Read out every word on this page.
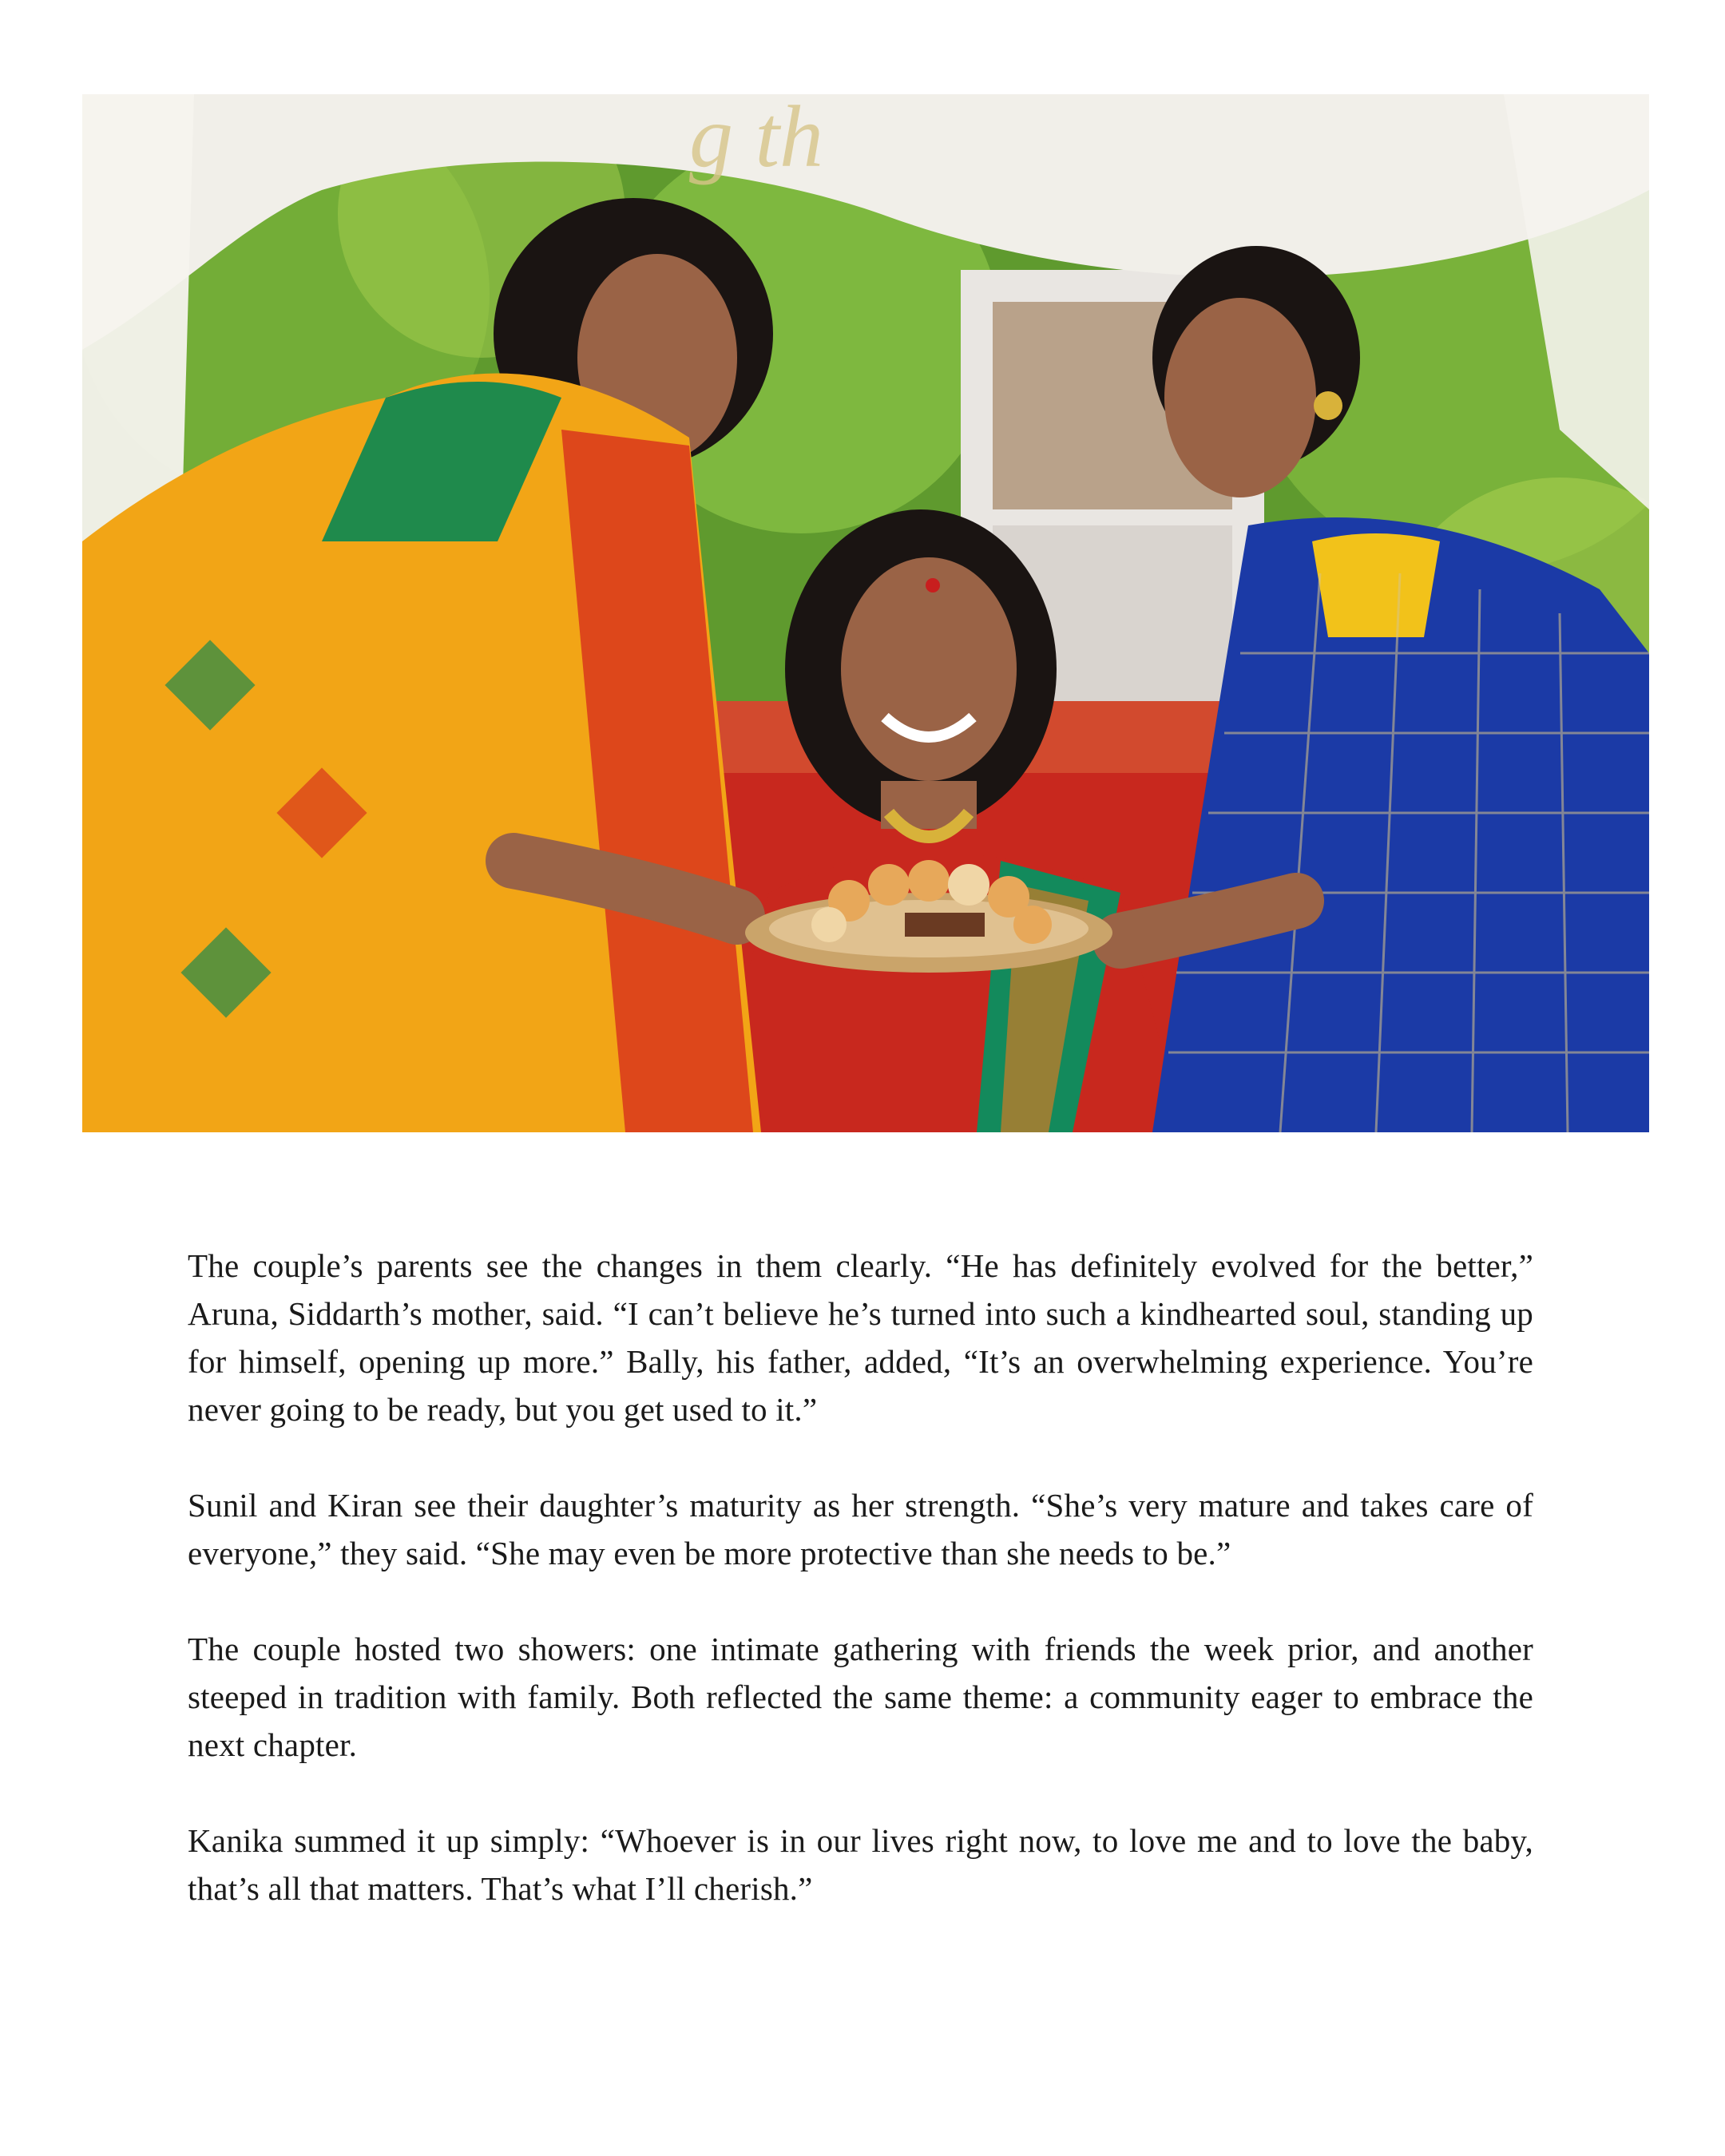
g th

The couple’s parents see the changes in them clearly. “He has definitely evolved for the better,” Aruna, Siddarth’s mother, said. “I can’t believe he’s turned into such a kindhearted soul, standing up for himself, opening up more.” Bally, his father, added, “It’s an overwhelming experience. You’re never going to be ready, but you get used to it.”

Sunil and Kiran see their daughter’s maturity as her strength. “She’s very mature and takes care of everyone,” they said. “She may even be more protective than she needs to be.”

The couple hosted two showers: one intimate gathering with friends the week prior, and another steeped in tradition with family. Both reflected the same theme: a community eager to embrace the next chapter.

Kanika summed it up simply: “Whoever is in our lives right now, to love me and to love the baby, that’s all that matters. That’s what I’ll cherish.”
